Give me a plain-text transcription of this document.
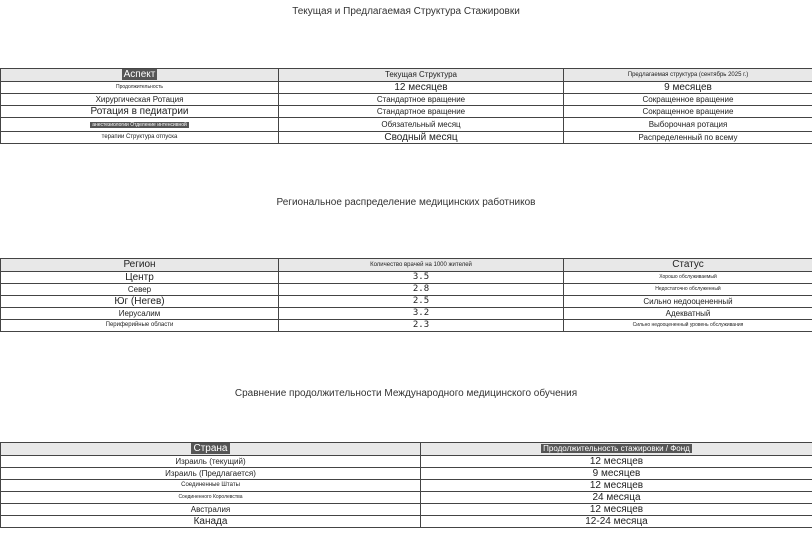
Текущая и Предлагаемая Структура Стажировки
Аспект	Текущая Структура	Предлагаемая структура (сентябрь 2025 г.)
Продолжительность	12 месяцев	9 месяцев
Хирургическая Ротация	Стандартное вращение	Сокращенное вращение
Ротация в педиатрии	Стандартное вращение	Сокращенное вращение
анестезиологии Отделение интенсивной	Обязательный месяц	Выборочная ротация
терапии Структура отпуска	Сводный месяц	Распределенный по всему
Региональное распределение медицинских работников
Регион	Количество врачей на 1000 жителей	Статус
Центр	3.5	Хорошо обслуживаемый
Север	2.8	Недостаточно обслуженный
Юг (Негев)	2.5	Сильно недооцененный
Иерусалим	3.2	Адекватный
Периферийные области	2.3	Сильно недооцененный уровень обслуживания
Сравнение продолжительности Международного медицинского обучения
Страна	Продолжительность стажировки / Фонд
Израиль (текущий)	12 месяцев
Израиль (Предлагается)	9 месяцев
Соединенные Штаты	12 месяцев
Соединенного Королевства	24 месяца
Австралия	12 месяцев
Канада	12-24 месяца
